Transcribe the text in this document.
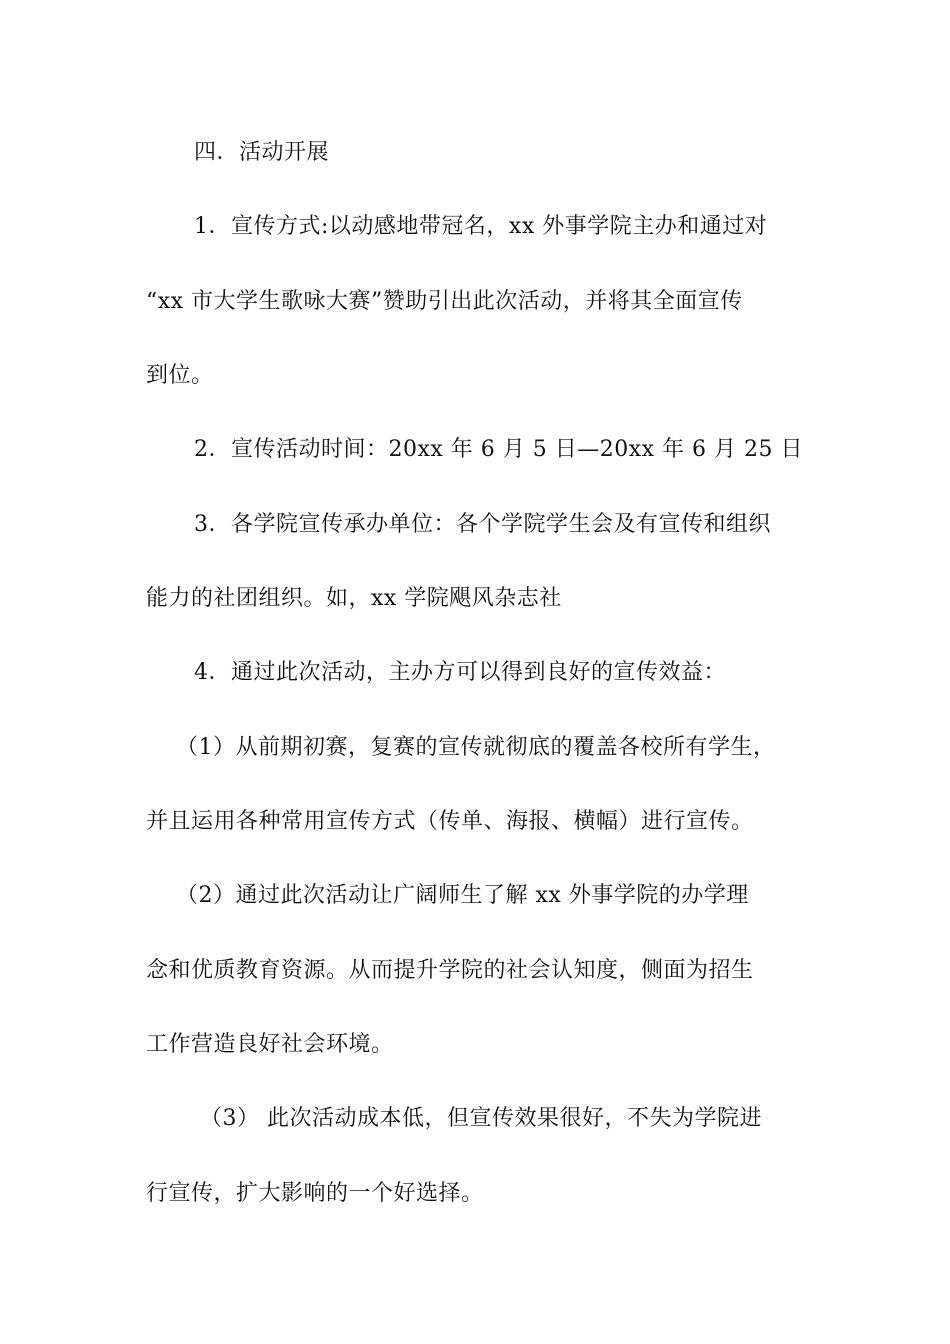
四．活动开展
1．宣传方式:以动感地带冠名，xx 外事学院主办和通过对
“xx 市大学生歌咏大赛”赞助引出此次活动，并将其全面宣传
到位。
2．宣传活动时间：20xx 年 6 月 5 日—20xx 年 6 月 25 日
3．各学院宣传承办单位：各个学院学生会及有宣传和组织
能力的社团组织。如，xx 学院飓风杂志社
4．通过此次活动，主办方可以得到良好的宣传效益：
（1）从前期初赛，复赛的宣传就彻底的覆盖各校所有学生，
并且运用各种常用宣传方式（传单、海报、横幅）进行宣传。
（2）通过此次活动让广阔师生了解 xx 外事学院的办学理
念和优质教育资源。从而提升学院的社会认知度，侧面为招生
工作营造良好社会环境。
（3） 此次活动成本低，但宣传效果很好，不失为学院进
行宣传，扩大影响的一个好选择。
